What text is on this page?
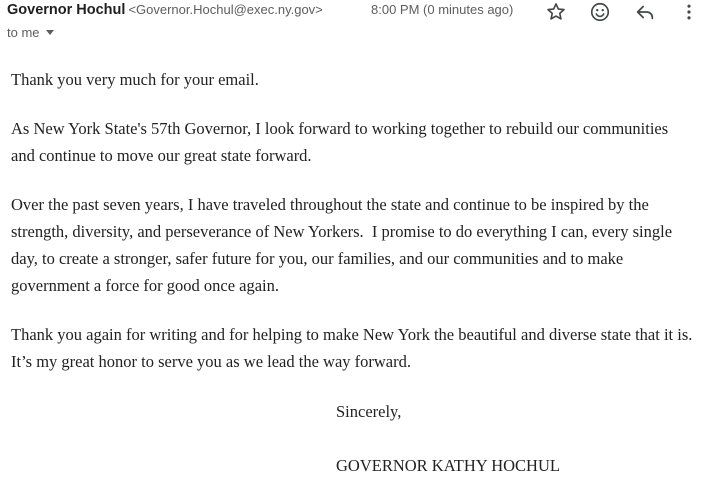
Governor Hochul <Governor.Hochul@exec.ny.gov>	8:00 PM (0 minutes ago)
to me

Thank you very much for your email.

As New York State's 57th Governor, I look forward to working together to rebuild our communities and continue to move our great state forward.

Over the past seven years, I have traveled throughout the state and continue to be inspired by the strength, diversity, and perseverance of New Yorkers.  I promise to do everything I can, every single day, to create a stronger, safer future for you, our families, and our communities and to make government a force for good once again.

Thank you again for writing and for helping to make New York the beautiful and diverse state that it is.  It’s my great honor to serve you as we lead the way forward.

Sincerely,
GOVERNOR KATHY HOCHUL
